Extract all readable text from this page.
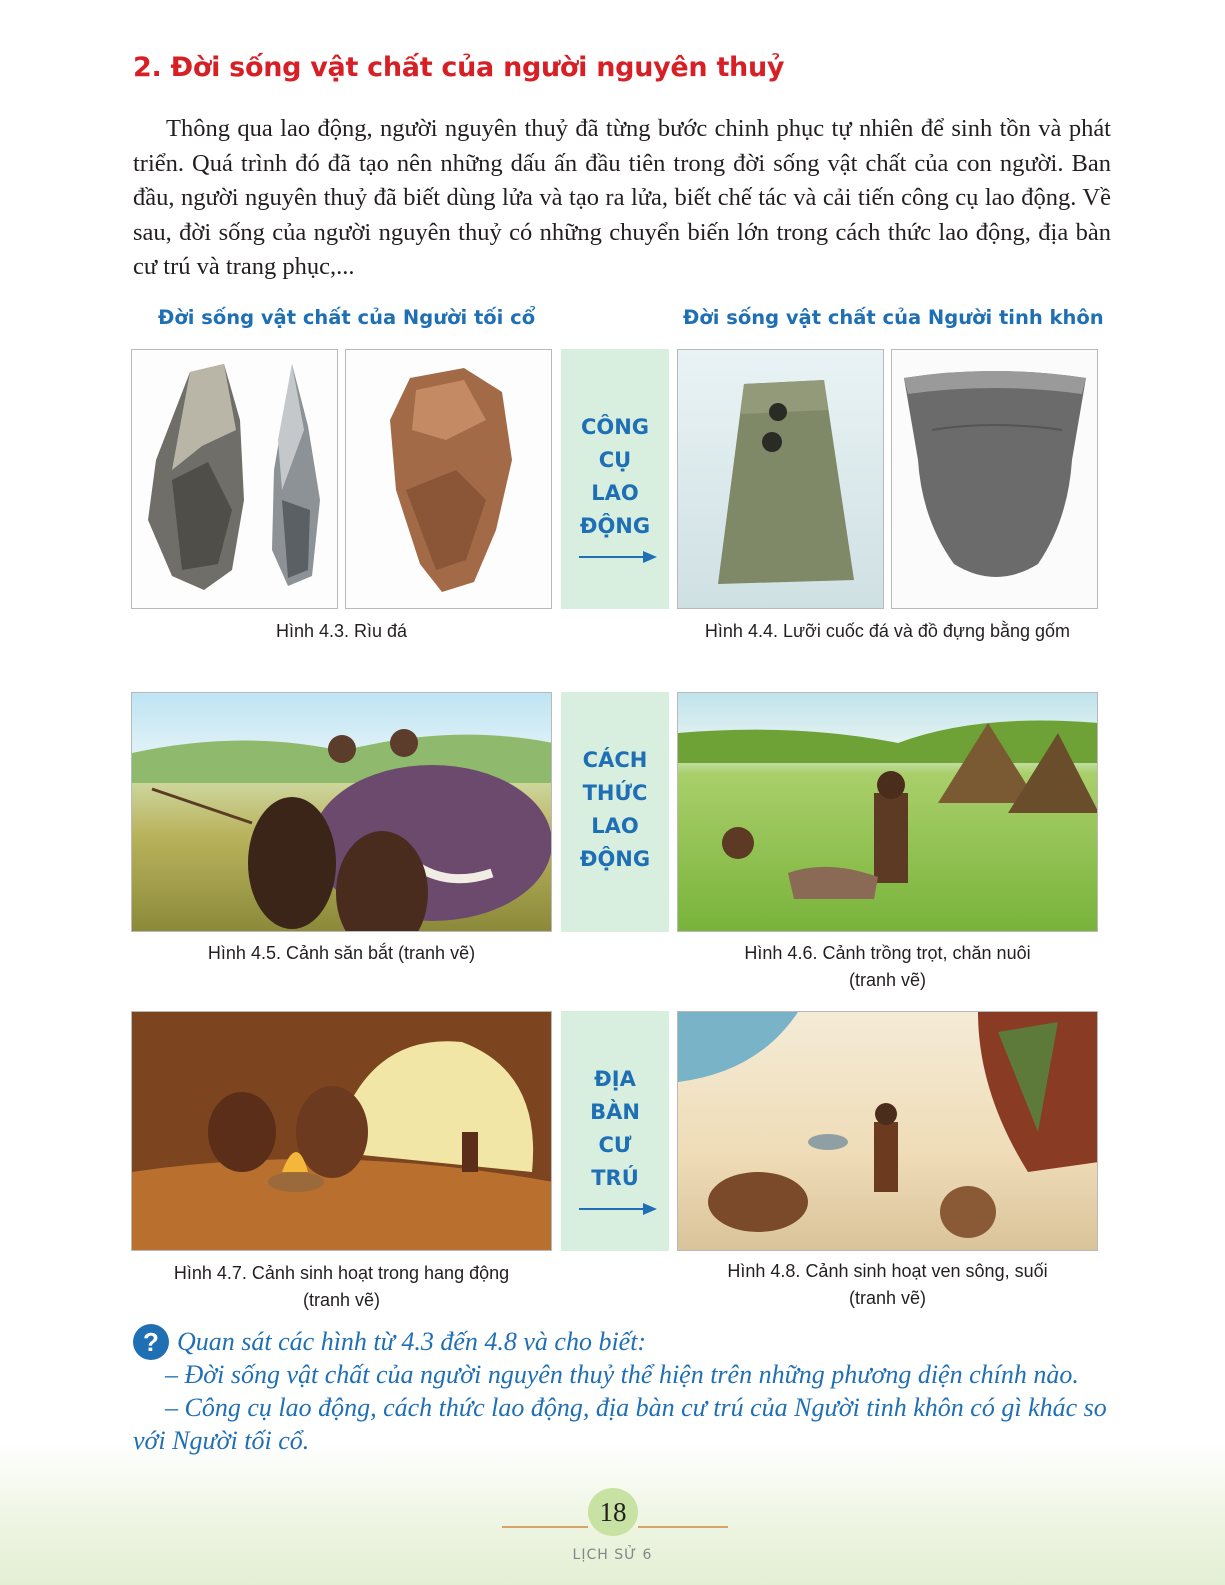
2. Đời sống vật chất của người nguyên thuỷ

Thông qua lao động, người nguyên thuỷ đã từng bước chinh phục tự nhiên để sinh tồn và phát triển. Quá trình đó đã tạo nên những dấu ấn đầu tiên trong đời sống vật chất của con người. Ban đầu, người nguyên thuỷ đã biết dùng lửa và tạo ra lửa, biết chế tác và cải tiến công cụ lao động. Về sau, đời sống của người nguyên thuỷ có những chuyển biến lớn trong cách thức lao động, địa bàn cư trú và trang phục,...

Đời sống vật chất của Người tối cổ	Đời sống vật chất của Người tinh khôn
CÔNG
CỤ
LAO
ĐỘNG
Hình 4.3. Rìu đá	Hình 4.4. Lưỡi cuốc đá và đồ đựng bằng gốm
CÁCH
THỨC
LAO
ĐỘNG
Hình 4.5. Cảnh săn bắt (tranh vẽ)	Hình 4.6. Cảnh trồng trọt, chăn nuôi
(tranh vẽ)
ĐỊA
BÀN
CƯ
TRÚ
Hình 4.7. Cảnh sinh hoạt trong hang động
(tranh vẽ)
Hình 4.8. Cảnh sinh hoạt ven sông, suối
(tranh vẽ)
? Quan sát các hình từ 4.3 đến 4.8 và cho biết:
– Đời sống vật chất của người nguyên thuỷ thể hiện trên những phương diện chính nào.
– Công cụ lao động, cách thức lao động, địa bàn cư trú của Người tinh khôn có gì khác so với Người tối cổ.
18
LỊCH SỬ 6
